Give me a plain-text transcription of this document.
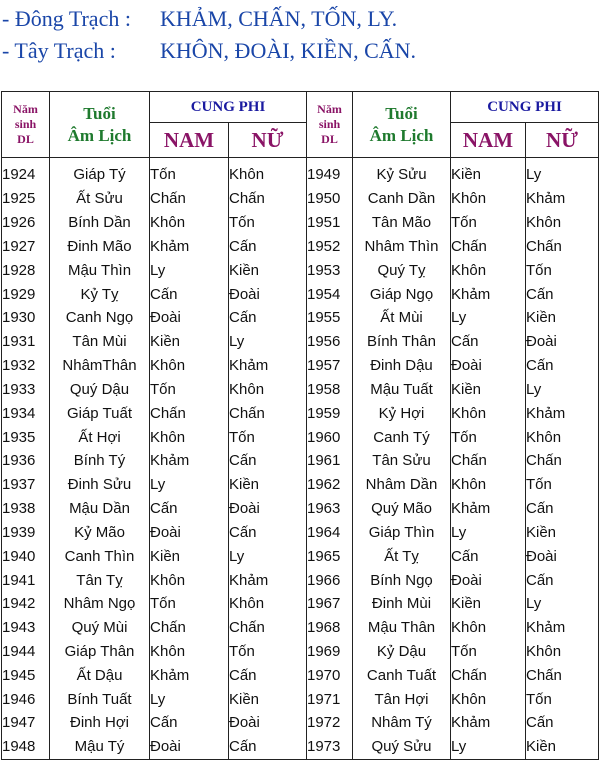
- Đông Trạch : KHẢM, CHẤN, TỐN, LY.
- Tây Trạch : KHÔN, ĐOÀI, KIỀN, CẤN.
Năm
sinh
DL	Tuổi
Âm Lịch	CUNG PHI		Năm
sinh
DL	Tuổi
Âm Lịch	CUNG PHI	
		NAM	NỮ			NAM	NỮ

1924	Giáp Tý	Tốn	Khôn	1949	Kỷ Sửu	Kiền	Ly
1925	Ất Sửu	Chấn	Chấn	1950	Canh Dần	Khôn	Khảm
1926	Bính Dần	Khôn	Tốn	1951	Tân Mão	Tốn	Khôn
1927	Đinh Mão	Khảm	Cấn	1952	Nhâm Thìn	Chấn	Chấn
1928	Mậu Thìn	Ly	Kiền	1953	Quý Tỵ	Khôn	Tốn
1929	Kỷ Tỵ	Cấn	Đoài	1954	Giáp Ngọ	Khảm	Cấn
1930	Canh Ngọ	Đoài	Cấn	1955	Ất Mùi	Ly	Kiền
1931	Tân Mùi	Kiền	Ly	1956	Bính Thân	Cấn	Đoài
1932	NhâmThân	Khôn	Khảm	1957	Đinh Dậu	Đoài	Cấn
1933	Quý Dậu	Tốn	Khôn	1958	Mậu Tuất	Kiền	Ly
1934	Giáp Tuất	Chấn	Chấn	1959	Kỷ Hợi	Khôn	Khảm
1935	Ất Hợi	Khôn	Tốn	1960	Canh Tý	Tốn	Khôn
1936	Bính Tý	Khảm	Cấn	1961	Tân Sửu	Chấn	Chấn
1937	Đinh Sửu	Ly	Kiền	1962	Nhâm Dần	Khôn	Tốn
1938	Mậu Dần	Cấn	Đoài	1963	Quý Mão	Khảm	Cấn
1939	Kỷ Mão	Đoài	Cấn	1964	Giáp Thìn	Ly	Kiền
1940	Canh Thìn	Kiền	Ly	1965	Ất Tỵ	Cấn	Đoài
1941	Tân Tỵ	Khôn	Khảm	1966	Bính Ngọ	Đoài	Cấn
1942	Nhâm Ngọ	Tốn	Khôn	1967	Đinh Mùi	Kiền	Ly
1943	Quý Mùi	Chấn	Chấn	1968	Mậu Thân	Khôn	Khảm
1944	Giáp Thân	Khôn	Tốn	1969	Kỷ Dậu	Tốn	Khôn
1945	Ất Dậu	Khảm	Cấn	1970	Canh Tuất	Chấn	Chấn
1946	Bính Tuất	Ly	Kiền	1971	Tân Hợi	Khôn	Tốn
1947	Đinh Hợi	Cấn	Đoài	1972	Nhâm Tý	Khảm	Cấn
1948	Mậu Tý	Đoài	Cấn	1973	Quý Sửu	Ly	Kiền
